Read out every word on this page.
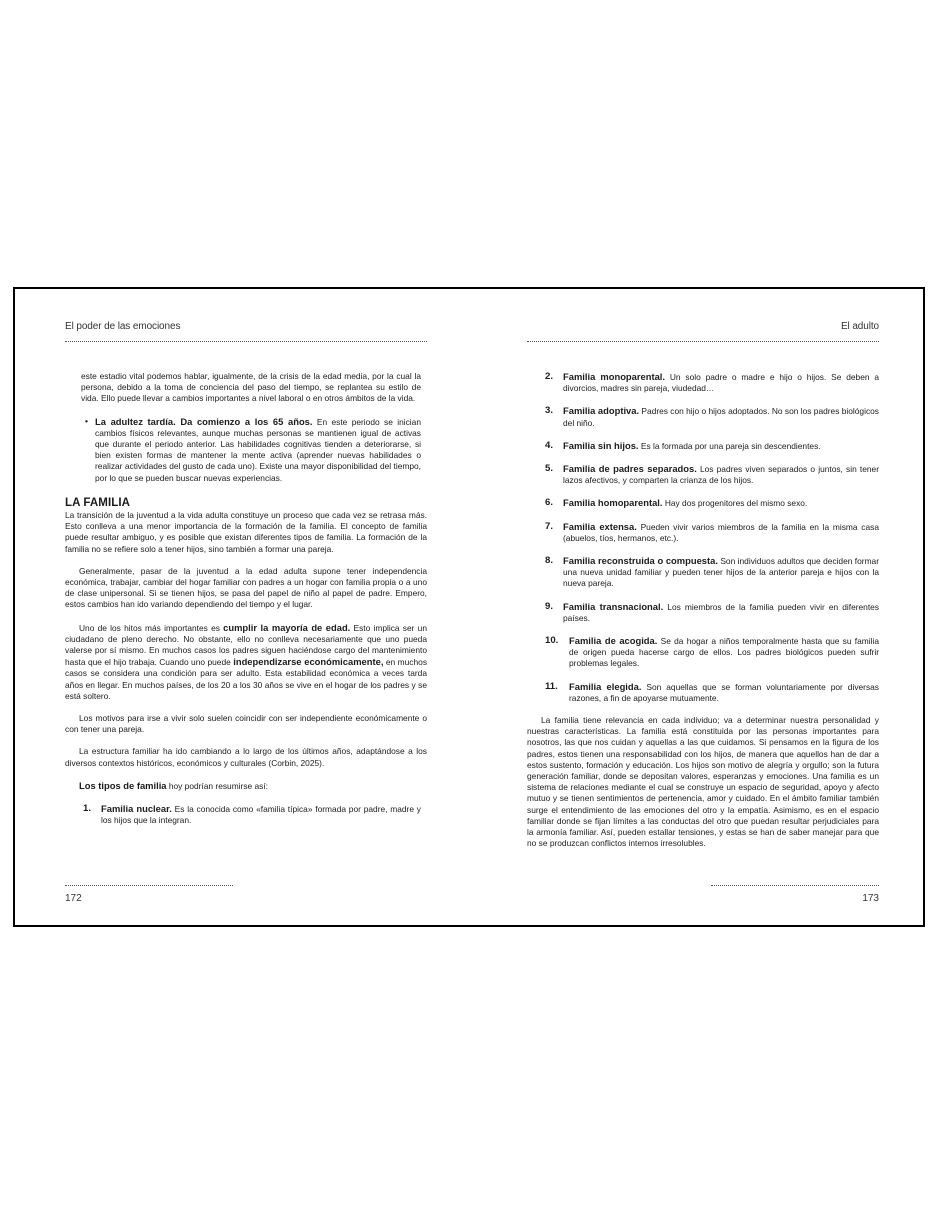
El poder de las emociones

este estadio vital podemos hablar, igualmente, de la crisis de la edad media, por la cual la persona, debido a la toma de conciencia del paso del tiempo, se replantea su estilo de vida. Ello puede llevar a cambios importantes a nivel laboral o en otros ámbitos de la vida.

• La adultez tardía. Da comienzo a los 65 años. En este periodo se inician cambios físicos relevantes, aunque muchas personas se mantienen igual de activas que durante el periodo anterior. Las habilidades cognitivas tienden a deteriorarse, si bien existen formas de mantener la mente activa (aprender nuevas habilidades o realizar actividades del gusto de cada uno). Existe una mayor disponibilidad del tiempo, por lo que se pueden buscar nuevas experiencias.
LA FAMILIA

La transición de la juventud a la vida adulta constituye un proceso que cada vez se retrasa más. Esto conlleva a una menor importancia de la formación de la familia. El concepto de familia puede resultar ambiguo, y es posible que existan diferentes tipos de familia. La formación de la familia no se refiere solo a tener hijos, sino también a formar una pareja.

Generalmente, pasar de la juventud a la edad adulta supone tener independencia económica, trabajar, cambiar del hogar familiar con padres a un hogar con familia propia o a uno de clase unipersonal. Si se tienen hijos, se pasa del papel de niño al papel de padre. Empero, estos cambios han ido variando dependiendo del tiempo y el lugar.

Uno de los hitos más importantes es cumplir la mayoría de edad. Esto implica ser un ciudadano de pleno derecho. No obstante, ello no conlleva necesariamente que uno pueda valerse por sí mismo. En muchos casos los padres siguen haciéndose cargo del mantenimiento hasta que el hijo trabaja. Cuando uno puede independizarse económicamente, en muchos casos se considera una condición para ser adulto. Esta estabilidad económica a veces tarda años en llegar. En muchos países, de los 20 a los 30 años se vive en el hogar de los padres y se está soltero.

Los motivos para irse a vivir solo suelen coincidir con ser independiente económicamente o con tener una pareja.

La estructura familiar ha ido cambiando a lo largo de los últimos años, adaptándose a los diversos contextos históricos, económicos y culturales (Corbin, 2025).

Los tipos de familia hoy podrían resumirse así:

1. Familia nuclear. Es la conocida como «familia típica» formada por padre, madre y los hijos que la integran.
172
El adulto
2. Familia monoparental. Un solo padre o madre e hijo o hijos. Se deben a divorcios, madres sin pareja, viudedad…
3. Familia adoptiva. Padres con hijo o hijos adoptados. No son los padres biológicos del niño.
4. Familia sin hijos. Es la formada por una pareja sin descendientes.
5. Familia de padres separados. Los padres viven separados o juntos, sin tener lazos afectivos, y comparten la crianza de los hijos.
6. Familia homoparental. Hay dos progenitores del mismo sexo.
7. Familia extensa. Pueden vivir varios miembros de la familia en la misma casa (abuelos, tíos, hermanos, etc.).
8. Familia reconstruida o compuesta. Son individuos adultos que deciden formar una nueva unidad familiar y pueden tener hijos de la anterior pareja e hijos con la nueva pareja.
9. Familia transnacional. Los miembros de la familia pueden vivir en diferentes países.
10. Familia de acogida. Se da hogar a niños temporalmente hasta que su familia de origen pueda hacerse cargo de ellos. Los padres biológicos pueden sufrir problemas legales.
11. Familia elegida. Son aquellas que se forman voluntariamente por diversas razones, a fin de apoyarse mutuamente.

La familia tiene relevancia en cada individuo; va a determinar nuestra personalidad y nuestras características. La familia está constituida por las personas importantes para nosotros, las que nos cuidan y aquellas a las que cuidamos. Si pensamos en la figura de los padres, estos tienen una responsabilidad con los hijos, de manera que aquellos han de dar a estos sustento, formación y educación. Los hijos son motivo de alegría y orgullo; son la futura generación familiar, donde se depositan valores, esperanzas y emociones. Una familia es un sistema de relaciones mediante el cual se construye un espacio de seguridad, apoyo y afecto mutuo y se tienen sentimientos de pertenencia, amor y cuidado. En el ámbito familiar también surge el entendimiento de las emociones del otro y la empatía. Asimismo, es en el espacio familiar donde se fijan límites a las conductas del otro que puedan resultar perjudiciales para la armonía familiar. Así, pueden estallar tensiones, y estas se han de saber manejar para que no se produzcan conflictos internos irresolubles.

173
